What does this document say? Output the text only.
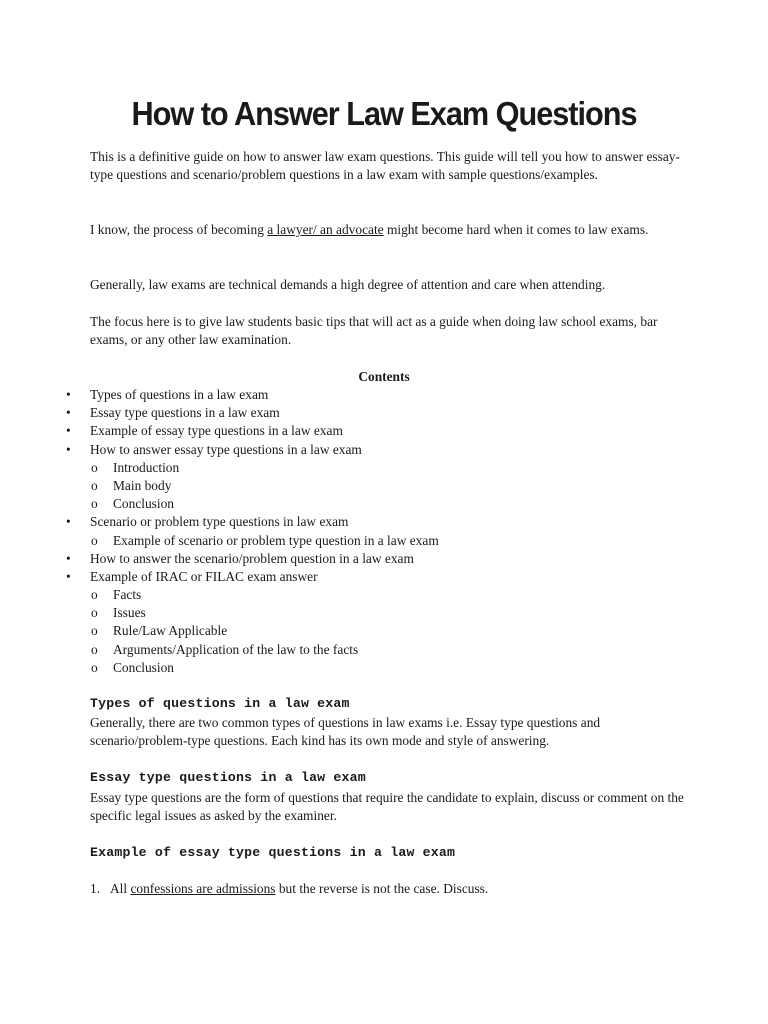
How to Answer Law Exam Questions

This is a definitive guide on how to answer law exam questions. This guide will tell you how to answer essay-type questions and scenario/problem questions in a law exam with sample questions/examples.

I know, the process of becoming a lawyer/ an advocate might become hard when it comes to law exams.

Generally, law exams are technical demands a high degree of attention and care when attending.

The focus here is to give law students basic tips that will act as a guide when doing law school exams, bar exams, or any other law examination.

Contents

• Types of questions in a law exam
• Essay type questions in a law exam
• Example of essay type questions in a law exam
• How to answer essay type questions in a law exam
o Introduction
o Main body
o Conclusion
• Scenario or problem type questions in law exam
o Example of scenario or problem type question in a law exam
• How to answer the scenario/problem question in a law exam
• Example of IRAC or FILAC exam answer
o Facts
o Issues
o Rule/Law Applicable
o Arguments/Application of the law to the facts
o Conclusion
Types of questions in a law exam

Generally, there are two common types of questions in law exams i.e. Essay type questions and scenario/problem-type questions. Each kind has its own mode and style of answering.

Essay type questions in a law exam

Essay type questions are the form of questions that require the candidate to explain, discuss or comment on the specific legal issues as asked by the examiner.

Example of essay type questions in a law exam

1. All confessions are admissions but the reverse is not the case. Discuss.
